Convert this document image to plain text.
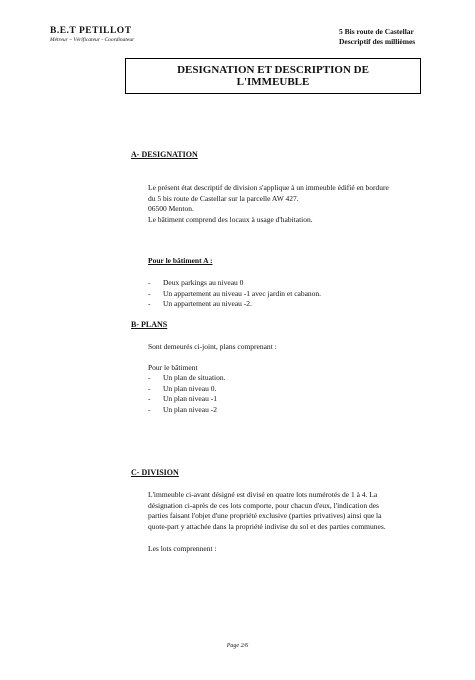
B.E.T PETILLOT
Métreur – Vérificateur - Coordinateur
5 Bis route de Castellar
Descriptif des millièmes
DESIGNATION ET DESCRIPTION DE
L'IMMEUBLE
A- DESIGNATION
Le présent état descriptif de division s'applique à un immeuble édifié en bordure
du 5 bis route de Castellar sur la parcelle AW 427.
06500 Menton.
Le bâtiment comprend des locaux à usage d'habitation.
Pour le bâtiment A :
- Deux parkings au niveau 0
- Un appartement au niveau -1 avec jardin et cabanon.
- Un appartement au niveau -2.
B- PLANS
Sont demeurés ci-joint, plans comprenant :
Pour le bâtiment
- Un plan de situation.
- Un plan niveau 0.
- Un plan niveau -1
- Un plan niveau -2
C- DIVISION
L'immeuble ci-avant désigné est divisé en quatre lots numérotés de 1 à 4. La
désignation ci-après de ces lots comporte, pour chacun d'eux, l'indication des
parties faisant l'objet d'une propriété exclusive (parties privatives) ainsi que la
quote-part y attachée dans la propriété indivise du sol et des parties communes.
Les lots comprennent :
Page 2/6
